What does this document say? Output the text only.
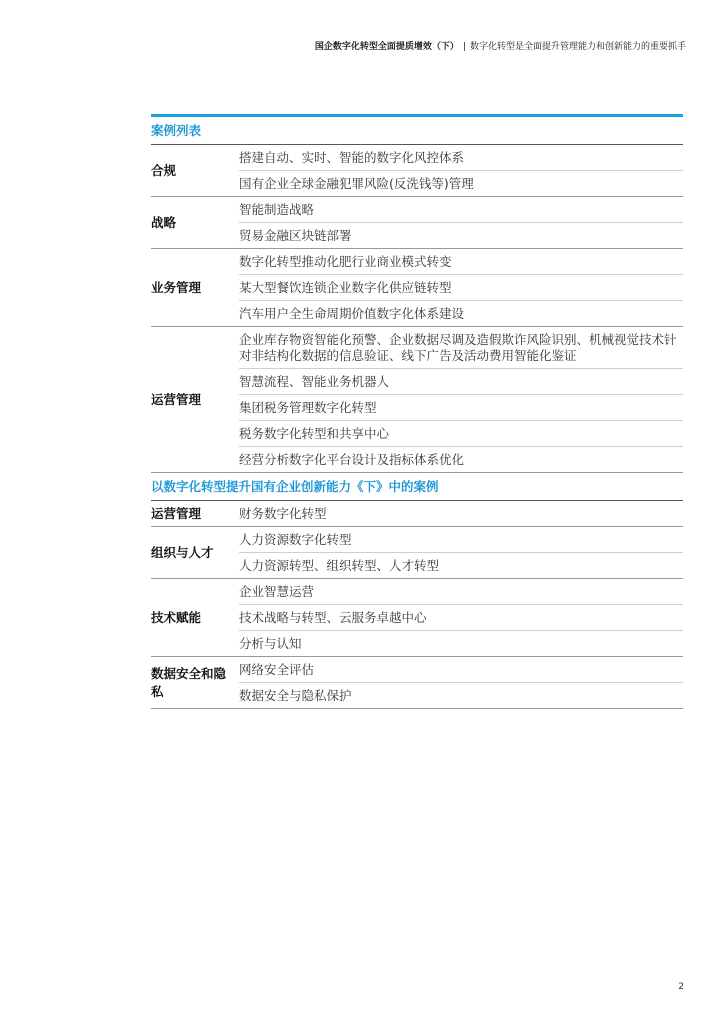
国企数字化转型全面提质增效（下） | 数字化转型是全面提升管理能力和创新能力的重要抓手
案例列表
合规
搭建自动、实时、智能的数字化风控体系
国有企业全球金融犯罪风险(反洗钱等)管理
战略
智能制造战略
贸易金融区块链部署
业务管理
数字化转型推动化肥行业商业模式转变
某大型餐饮连锁企业数字化供应链转型
汽车用户全生命周期价值数字化体系建设
运营管理
企业库存物资智能化预警、企业数据尽调及造假欺诈风险识别、机械视觉技术针对非结构化数据的信息验证、线下广告及活动费用智能化鉴证
智慧流程、智能业务机器人
集团税务管理数字化转型
税务数字化转型和共享中心
经营分析数字化平台设计及指标体系优化
以数字化转型提升国有企业创新能力《下》中的案例
运营管理	财务数字化转型
组织与人才
人力资源数字化转型
人力资源转型、组织转型、人才转型
技术赋能
企业智慧运营
技术战略与转型、云服务卓越中心
分析与认知
数据安全和隐私
网络安全评估
数据安全与隐私保护
2
